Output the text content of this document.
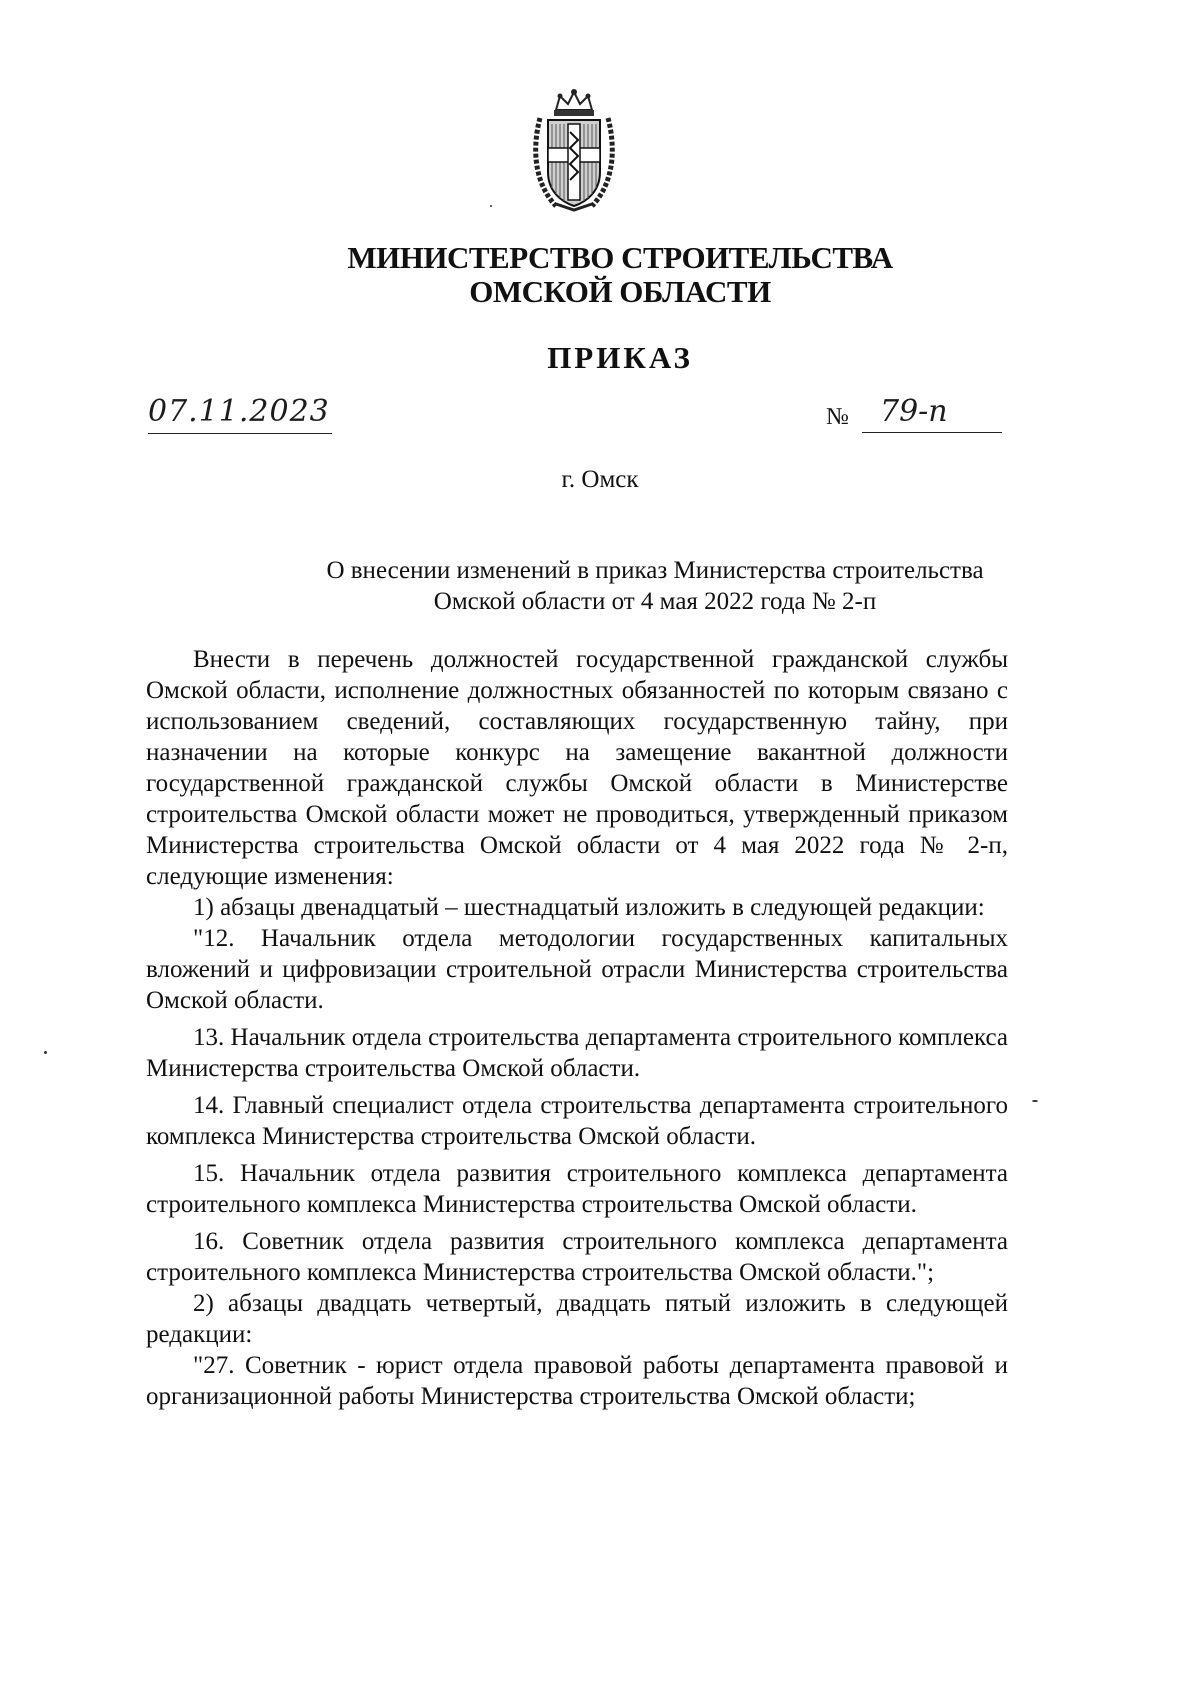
МИНИСТЕРСТВО СТРОИТЕЛЬСТВА
ОМСКОЙ ОБЛАСТИ
ПРИКАЗ
07.11.2023	№	79-п
г. Омск
О внесении изменений в приказ Министерства строительства
Омской области от 4 мая 2022 года № 2-п

Внести в перечень должностей государственной гражданской службы Омской области, исполнение должностных обязанностей по которым связано с использованием сведений, составляющих государственную тайну, при назначении на которые конкурс на замещение вакантной должности государственной гражданской службы Омской области в Министерстве строительства Омской области может не проводиться, утвержденный приказом Министерства строительства Омской области от 4 мая 2022 года № 2-п, следующие изменения:

1) абзацы двенадцатый – шестнадцатый изложить в следующей редакции:

"12. Начальник отдела методологии государственных капитальных вложений и цифровизации строительной отрасли Министерства строительства Омской области.

13. Начальник отдела строительства департамента строительного комплекса Министерства строительства Омской области.

14. Главный специалист отдела строительства департамента строительного комплекса Министерства строительства Омской области.

15. Начальник отдела развития строительного комплекса департамента строительного комплекса Министерства строительства Омской области.

16. Советник отдела развития строительного комплекса департамента строительного комплекса Министерства строительства Омской области.";

2) абзацы двадцать четвертый, двадцать пятый изложить в следующей редакции:

"27. Советник - юрист отдела правовой работы департамента правовой и организационной работы Министерства строительства Омской области;
